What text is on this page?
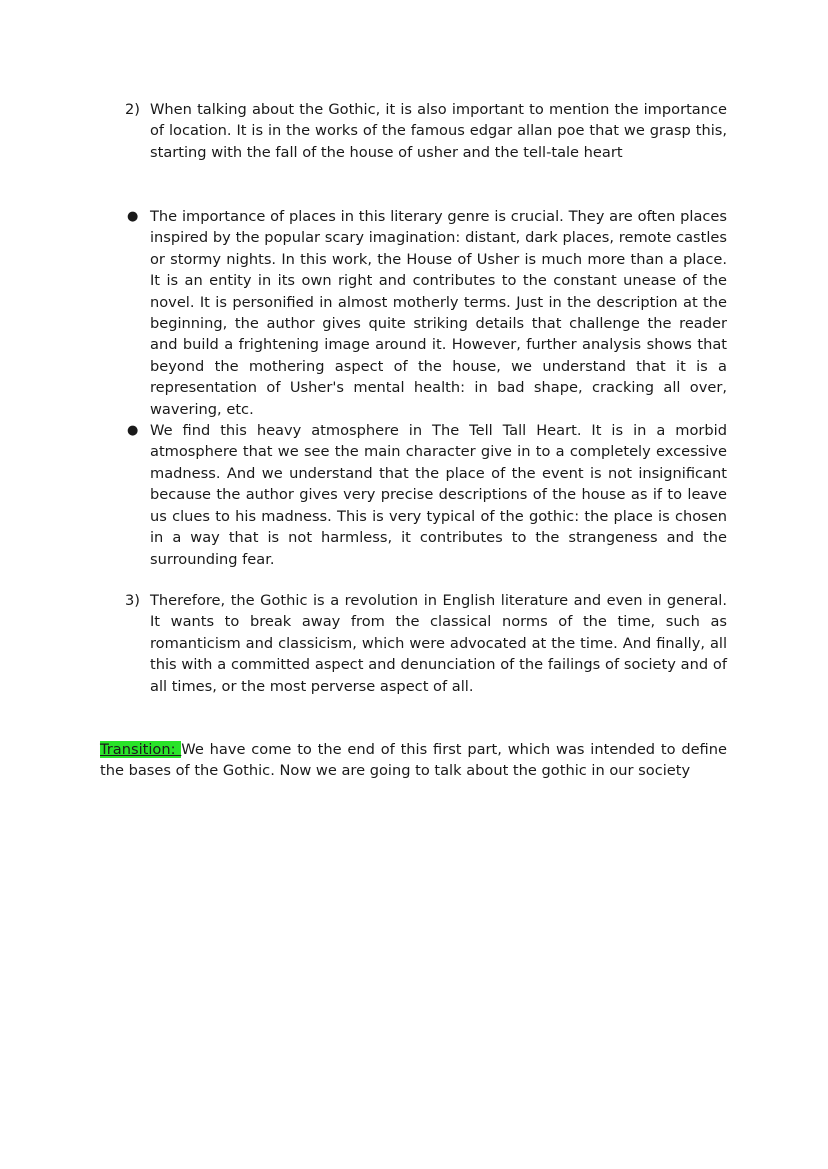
2) When talking about the Gothic, it is also important to mention the importance of location. It is in the works of the famous edgar allan poe that we grasp this, starting with the fall of the house of usher and the tell-tale heart
● The importance of places in this literary genre is crucial. They are often places inspired by the popular scary imagination: distant, dark places, remote castles or stormy nights. In this work, the House of Usher is much more than a place. It is an entity in its own right and contributes to the constant unease of the novel. It is personified in almost motherly terms. Just in the description at the beginning, the author gives quite striking details that challenge the reader and build a frightening image around it. However, further analysis shows that beyond the mothering aspect of the house, we understand that it is a representation of Usher's mental health: in bad shape, cracking all over, wavering, etc.
● We find this heavy atmosphere in The Tell Tall Heart. It is in a morbid atmosphere that we see the main character give in to a completely excessive madness. And we understand that the place of the event is not insignificant because the author gives very precise descriptions of the house as if to leave us clues to his madness. This is very typical of the gothic: the place is chosen in a way that is not harmless, it contributes to the strangeness and the surrounding fear.
3) Therefore, the Gothic is a revolution in English literature and even in general. It wants to break away from the classical norms of the time, such as romanticism and classicism, which were advocated at the time. And finally, all this with a committed aspect and denunciation of the failings of society and of all times, or the most perverse aspect of all.
Transition: We have come to the end of this first part, which was intended to define the bases of the Gothic. Now we are going to talk about the gothic in our society
